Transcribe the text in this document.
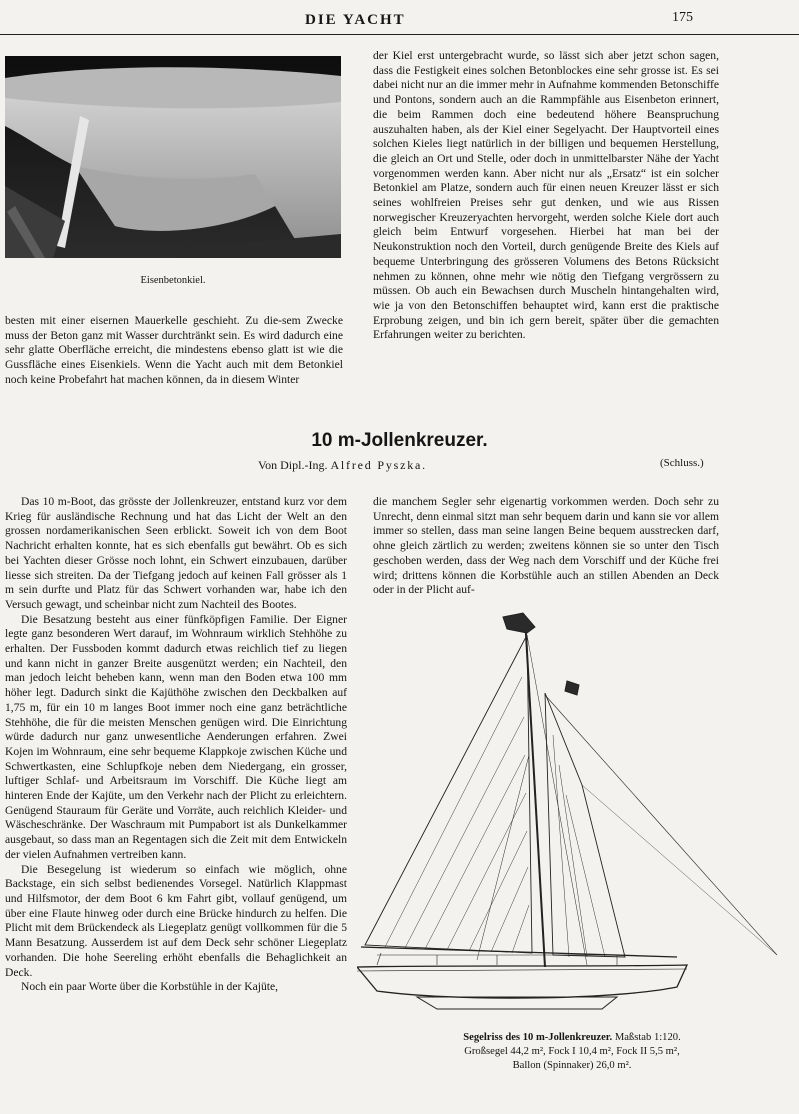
DIE YACHT	175
Eisenbetonkiel.

besten mit einer eisernen Mauerkelle geschieht. Zu die-sem Zwecke muss der Beton ganz mit Wasser durchtränkt sein. Es wird dadurch eine sehr glatte Oberfläche erreicht, die mindestens ebenso glatt ist wie die Gussfläche eines Eisenkiels. Wenn die Yacht auch mit dem Betonkiel noch keine Probefahrt hat machen können, da in diesem Winter

der Kiel erst untergebracht wurde, so lässt sich aber jetzt schon sagen, dass die Festigkeit eines solchen Betonblockes eine sehr grosse ist. Es sei dabei nicht nur an die immer mehr in Aufnahme kommenden Betonschiffe und Pontons, sondern auch an die Rammpfähle aus Eisenbeton erinnert, die beim Rammen doch eine bedeutend höhere Beanspruchung auszuhalten haben, als der Kiel einer Segelyacht. Der Hauptvorteil eines solchen Kieles liegt natürlich in der billigen und bequemen Herstellung, die gleich an Ort und Stelle, oder doch in unmittelbarster Nähe der Yacht vorgenommen werden kann. Aber nicht nur als „Ersatz“ ist ein solcher Betonkiel am Platze, sondern auch für einen neuen Kreuzer lässt er sich seines wohlfreien Preises sehr gut denken, und wie aus Rissen norwegischer Kreuzeryachten hervorgeht, werden solche Kiele dort auch gleich beim Entwurf vorgesehen. Hierbei hat man bei der Neukonstruktion noch den Vorteil, durch genügende Breite des Kiels auf bequeme Unterbringung des grösseren Volumens des Betons Rücksicht nehmen zu können, ohne mehr wie nötig den Tiefgang vergrössern zu müssen. Ob auch ein Bewachsen durch Muscheln hintangehalten wird, wie ja von den Betonschiffen behauptet wird, kann erst die praktische Erprobung zeigen, und bin ich gern bereit, später über die gemachten Erfahrungen weiter zu berichten.

10 m-Jollenkreuzer.
Von Dipl.-Ing. Alfred Pyszka.	(Schluss.)

Das 10 m-Boot, das grösste der Jollenkreuzer, entstand kurz vor dem Krieg für ausländische Rechnung und hat das Licht der Welt an den grossen nordamerikanischen Seen erblickt. Soweit ich von dem Boot Nachricht erhalten konnte, hat es sich ebenfalls gut bewährt. Ob es sich bei Yachten dieser Grösse noch lohnt, ein Schwert einzubauen, darüber liesse sich streiten. Da der Tiefgang jedoch auf keinen Fall grösser als 1 m sein durfte und Platz für das Schwert vorhanden war, habe ich den Versuch gewagt, und scheinbar nicht zum Nachteil des Bootes.

Die Besatzung besteht aus einer fünfköpfigen Familie. Der Eigner legte ganz besonderen Wert darauf, im Wohnraum wirklich Stehhöhe zu erhalten. Der Fussboden kommt dadurch etwas reichlich tief zu liegen und kann nicht in ganzer Breite ausgenützt werden; ein Nachteil, den man jedoch leicht beheben kann, wenn man den Boden etwa 100 mm höher legt. Dadurch sinkt die Kajüthöhe zwischen den Deckbalken auf 1,75 m, für ein 10 m langes Boot immer noch eine ganz beträchtliche Stehhöhe, die für die meisten Menschen genügen wird. Die Einrichtung würde dadurch nur ganz unwesentliche Aenderungen erfahren. Zwei Kojen im Wohnraum, eine sehr bequeme Klappkoje zwischen Küche und Schwertkasten, eine Schlupfkoje neben dem Niedergang, ein grosser, luftiger Schlaf- und Arbeitsraum im Vorschiff. Die Küche liegt am hinteren Ende der Kajüte, um den Verkehr nach der Plicht zu erleichtern. Genügend Stauraum für Geräte und Vorräte, auch reichlich Kleider- und Wäscheschränke. Der Waschraum mit Pumpabort ist als Dunkelkammer ausgebaut, so dass man an Regentagen sich die Zeit mit dem Entwickeln der vielen Aufnahmen vertreiben kann.

Die Besegelung ist wiederum so einfach wie möglich, ohne Backstage, ein sich selbst bedienendes Vorsegel. Natürlich Klappmast und Hilfsmotor, der dem Boot 6 km Fahrt gibt, vollauf genügend, um über eine Flaute hinweg oder durch eine Brücke hindurch zu helfen. Die Plicht mit dem Brückendeck als Liegeplatz genügt vollkommen für die 5 Mann Besatzung. Ausserdem ist auf dem Deck sehr schöner Liegeplatz vorhanden. Die hohe Seereling erhöht ebenfalls die Behaglichkeit an Deck.

Noch ein paar Worte über die Korbstühle in der Kajüte,

die manchem Segler sehr eigenartig vorkommen werden. Doch sehr zu Unrecht, denn einmal sitzt man sehr bequem darin und kann sie vor allem immer so stellen, dass man seine langen Beine bequem ausstrecken darf, ohne gleich zärtlich zu werden; zweitens können sie so unter den Tisch geschoben werden, dass der Weg nach dem Vorschiff und der Küche frei wird; drittens können die Korbstühle auch an stillen Abenden an Deck oder in der Plicht auf-

Segelriss des 10 m-Jollenkreuzer. Maßstab 1:120.
Großsegel 44,2 m², Fock I 10,4 m², Fock II 5,5 m²,
Ballon (Spinnaker) 26,0 m².
